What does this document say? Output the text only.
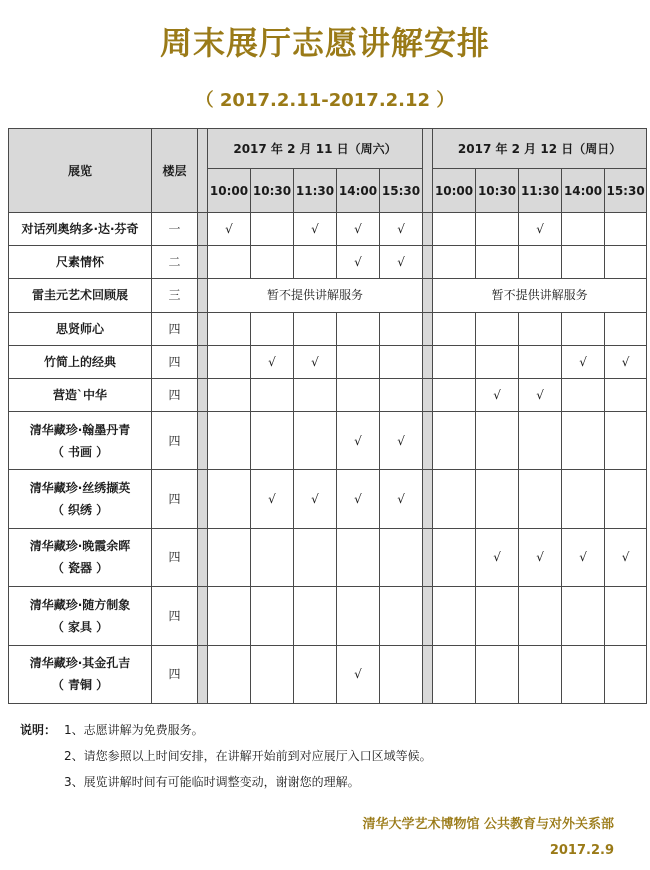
周末展厅志愿讲解安排
（ 2017.2.11-2017.2.12 ）
展览	楼层		2017 年 2 月 11 日（周六）						2017 年 2 月 12 日（周日）				
			10:00	10:30	11:30	14:00	15:30		10:00	10:30	11:30	14:00	15:30

对话列奥纳多·达·芬奇	一		√		√	√	√				√		

尺素情怀	二					√	√						

雷圭元艺术回顾展	三		暂不提供讲解服务						暂不提供讲解服务				

思贤师心	四												

竹简上的经典	四			√	√							√	√

营造`中华	四									√	√		

清华藏珍·翰墨丹青
（ 书画 ）	四					√	√						

清华藏珍·丝绣撷英
（ 织绣 ）	四			√	√	√	√						

清华藏珍·晚霞余晖
（ 瓷器 ）	四									√	√	√	√

清华藏珍·随方制象
（ 家具 ）	四												

清华藏珍·其金孔吉
（ 青铜 ）	四					√							
说明： 1、志愿讲解为免费服务。
2、请您参照以上时间安排，在讲解开始前到对应展厅入口区域等候。
3、展览讲解时间有可能临时调整变动，谢谢您的理解。
清华大学艺术博物馆 公共教育与对外关系部
2017.2.9
